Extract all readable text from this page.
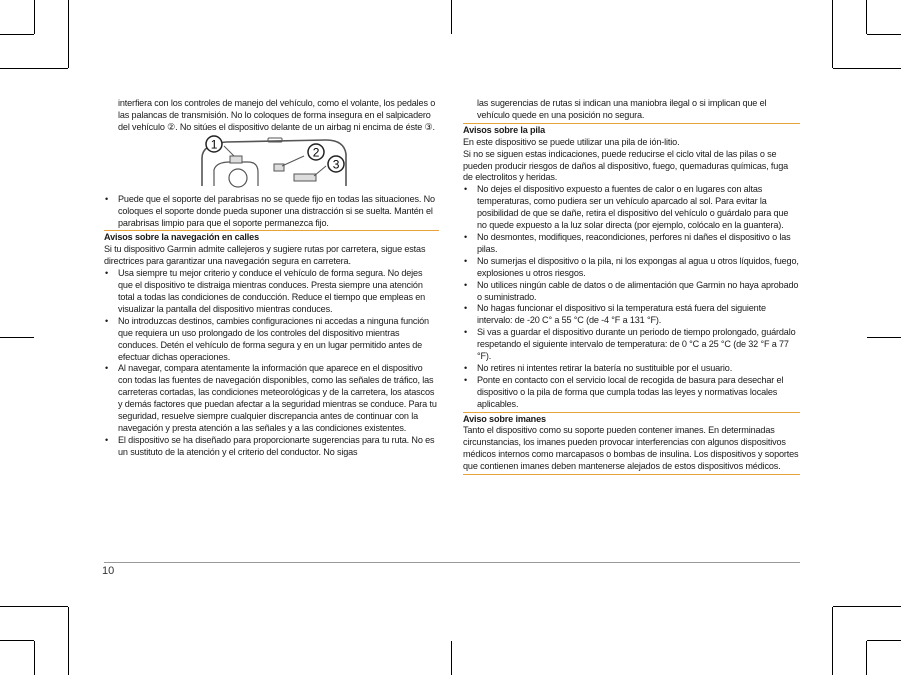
interfiera con los controles de manejo del vehículo, como el volante, los pedales o las palancas de transmisión. No lo coloques de forma insegura en el salpicadero del vehículo ②. No sitúes el dispositivo delante de un airbag ni encima de éste ③.

1
2
3
• Puede que el soporte del parabrisas no se quede fijo en todas las situaciones. No coloques el soporte donde pueda suponer una distracción si se suelta. Mantén el parabrisas limpio para que el soporte permanezca fijo.

Avisos sobre la navegación en calles

Si tu dispositivo Garmin admite callejeros y sugiere rutas por carretera, sigue estas directrices para garantizar una navegación segura en carretera.

• Usa siempre tu mejor criterio y conduce el vehículo de forma segura. No dejes que el dispositivo te distraiga mientras conduces. Presta siempre una atención total a todas las condiciones de conducción. Reduce el tiempo que empleas en visualizar la pantalla del dispositivo mientras conduces.
• No introduzcas destinos, cambies configuraciones ni accedas a ninguna función que requiera un uso prolongado de los controles del dispositivo mientras conduces. Detén el vehículo de forma segura y en un lugar permitido antes de efectuar dichas operaciones.
• Al navegar, compara atentamente la información que aparece en el dispositivo con todas las fuentes de navegación disponibles, como las señales de tráfico, las carreteras cortadas, las condiciones meteorológicas y de la carretera, los atascos y demás factores que puedan afectar a la seguridad mientras se conduce. Para tu seguridad, resuelve siempre cualquier discrepancia antes de continuar con la navegación y presta atención a las señales y a las condiciones existentes.
• El dispositivo se ha diseñado para proporcionarte sugerencias para tu ruta. No es un sustituto de la atención y el criterio del conductor. No sigas

las sugerencias de rutas si indican una maniobra ilegal o si implican que el vehículo quede en una posición no segura.

Avisos sobre la pila

En este dispositivo se puede utilizar una pila de ión-litio.

Si no se siguen estas indicaciones, puede reducirse el ciclo vital de las pilas o se pueden producir riesgos de daños al dispositivo, fuego, quemaduras químicas, fuga de electrolitos y heridas.

• No dejes el dispositivo expuesto a fuentes de calor o en lugares con altas temperaturas, como pudiera ser un vehículo aparcado al sol. Para evitar la posibilidad de que se dañe, retira el dispositivo del vehículo o guárdalo para que no quede expuesto a la luz solar directa (por ejemplo, colócalo en la guantera).
• No desmontes, modifiques, reacondiciones, perfores ni dañes el dispositivo o las pilas.
• No sumerjas el dispositivo o la pila, ni los expongas al agua u otros líquidos, fuego, explosiones u otros riesgos.
• No utilices ningún cable de datos o de alimentación que Garmin no haya aprobado o suministrado.
• No hagas funcionar el dispositivo si la temperatura está fuera del siguiente intervalo: de -20 C° a 55 °C (de -4 °F a 131 °F).
• Si vas a guardar el dispositivo durante un periodo de tiempo prolongado, guárdalo respetando el siguiente intervalo de temperatura: de 0 °C a 25 °C (de 32 °F a 77 °F).
• No retires ni intentes retirar la batería no sustituible por el usuario.
• Ponte en contacto con el servicio local de recogida de basura para desechar el dispositivo o la pila de forma que cumpla todas las leyes y normativas locales aplicables.

Aviso sobre imanes

Tanto el dispositivo como su soporte pueden contener imanes. En determinadas circunstancias, los imanes pueden provocar interferencias con algunos dispositivos médicos internos como marcapasos o bombas de insulina. Los dispositivos y soportes que contienen imanes deben mantenerse alejados de estos dispositivos médicos.

10
